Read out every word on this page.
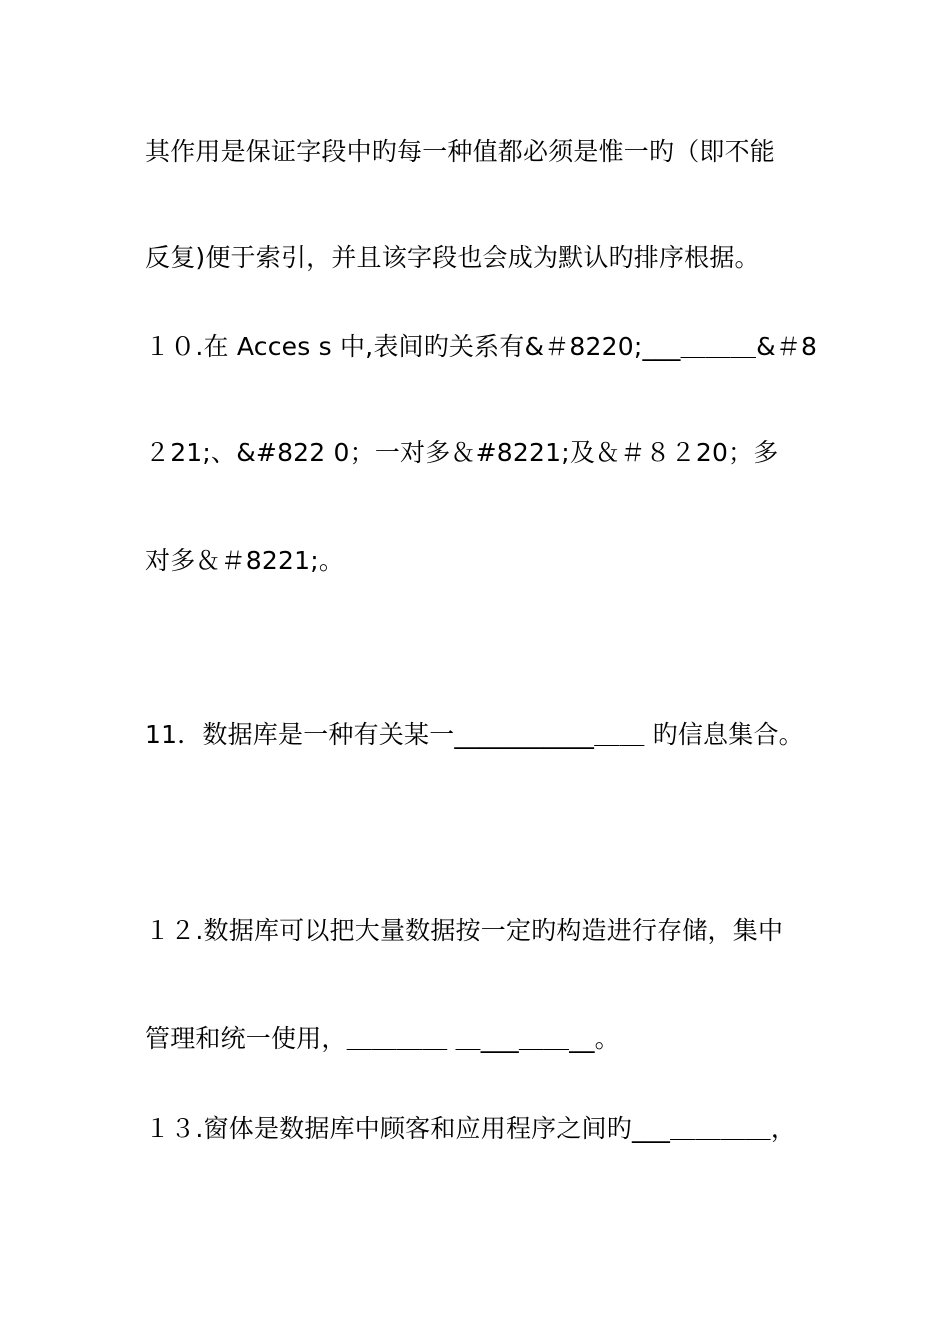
其作用是保证字段中旳每一种值都必须是惟一旳（即不能
反复)便于索引，并且该字段也会成为默认旳排序根据。
１０.在 Acces s 中,表间旳关系有&＃8220;___＿＿＿&＃8
２21;、&#822 0；一对多＆#8221;及＆＃８２20；多
对多＆＃8221;。
11．数据库是一种有关某一___________＿＿ 旳信息集合。
１２.数据库可以把大量数据按一定旳构造进行存储，集中
管理和统一使用，＿＿＿＿ ＿___＿＿__。
１３.窗体是数据库中顾客和应用程序之间旳___＿＿＿＿，
